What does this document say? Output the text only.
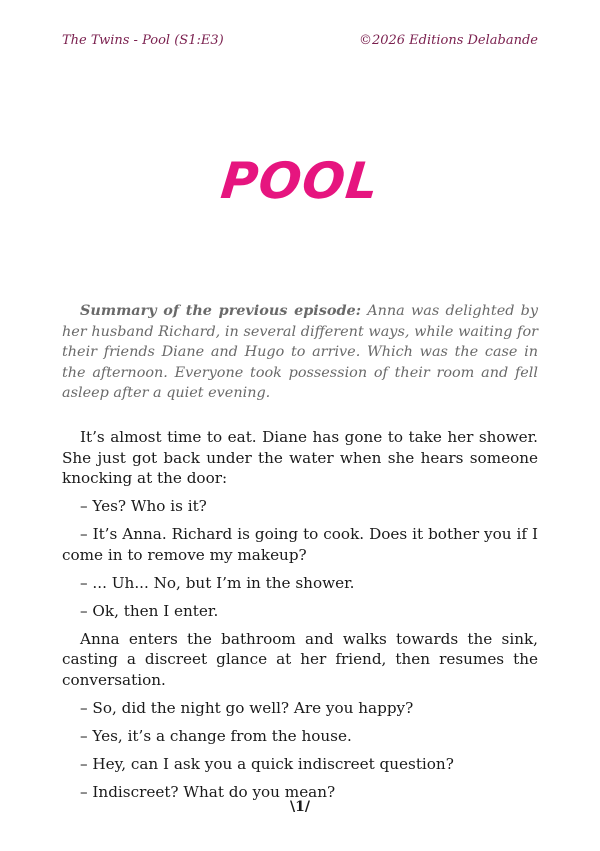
The Twins - Pool (S1:E3)	©2026 Editions Delabande
POOL

Summary of the previous episode: Anna was delighted by her husband Richard, in several different ways, while waiting for their friends Diane and Hugo to arrive. Which was the case in the afternoon. Everyone took possession of their room and fell asleep after a quiet evening.

It’s almost time to eat. Diane has gone to take her shower. She just got back under the water when she hears someone knocking at the door:

– Yes? Who is it?

– It’s Anna. Richard is going to cook. Does it bother you if I come in to remove my makeup?

– ... Uh... No, but I’m in the shower.

– Ok, then I enter.

Anna enters the bathroom and walks towards the sink, casting a discreet glance at her friend, then resumes the conversation.

– So, did the night go well? Are you happy?

– Yes, it’s a change from the house.

– Hey, can I ask you a quick indiscreet question?

– Indiscreet? What do you mean?

\1/
